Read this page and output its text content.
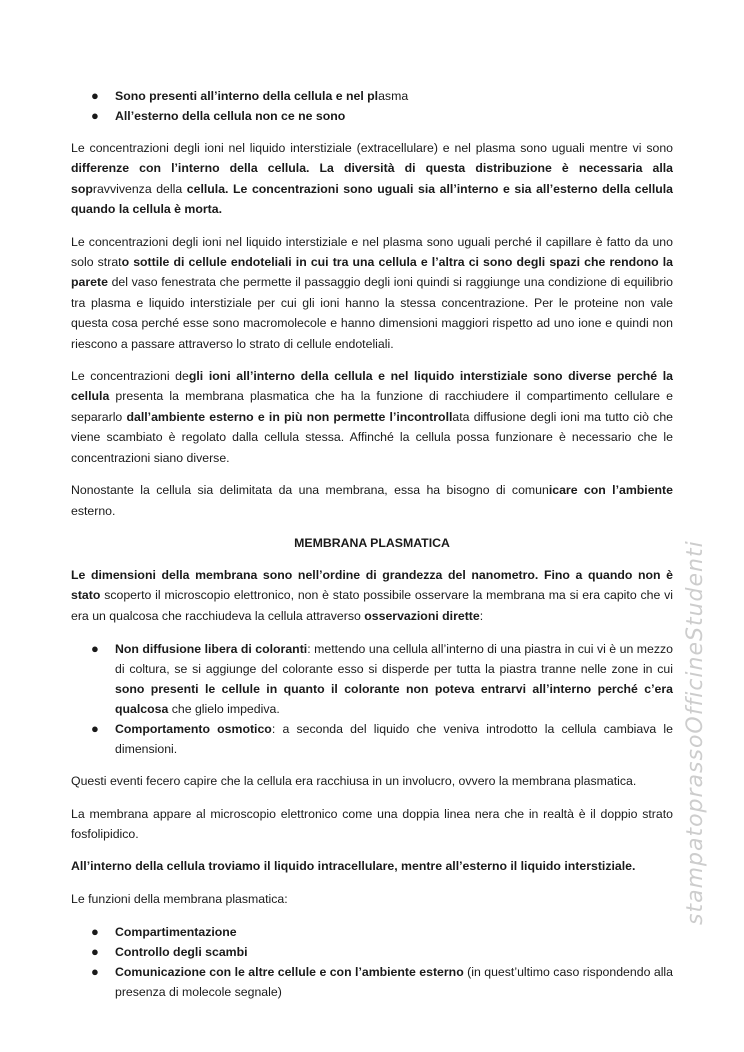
● Sono presenti all’interno della cellula e nel plasma
● All’esterno della cellula non ce ne sono

Le concentrazioni degli ioni nel liquido interstiziale (extracellulare) e nel plasma sono uguali mentre vi sono differenze con l’interno della cellula. La diversità di questa distribuzione è necessaria alla sopravvivenza della cellula. Le concentrazioni sono uguali sia all’interno e sia all’esterno della cellula quando la cellula è morta.

Le concentrazioni degli ioni nel liquido interstiziale e nel plasma sono uguali perché il capillare è fatto da uno solo strato sottile di cellule endoteliali in cui tra una cellula e l’altra ci sono degli spazi che rendono la parete del vaso fenestrata che permette il passaggio degli ioni quindi si raggiunge una condizione di equilibrio tra plasma e liquido interstiziale per cui gli ioni hanno la stessa concentrazione. Per le proteine non vale questa cosa perché esse sono macromolecole e hanno dimensioni maggiori rispetto ad uno ione e quindi non riescono a passare attraverso lo strato di cellule endoteliali.

Le concentrazioni degli ioni all’interno della cellula e nel liquido interstiziale sono diverse perché la cellula presenta la membrana plasmatica che ha la funzione di racchiudere il compartimento cellulare e separarlo dall’ambiente esterno e in più non permette l’incontrollata diffusione degli ioni ma tutto ciò che viene scambiato è regolato dalla cellula stessa. Affinché la cellula possa funzionare è necessario che le concentrazioni siano diverse.

Nonostante la cellula sia delimitata da una membrana, essa ha bisogno di comunicare con l’ambiente esterno.

MEMBRANA PLASMATICA

Le dimensioni della membrana sono nell’ordine di grandezza del nanometro. Fino a quando non è stato scoperto il microscopio elettronico, non è stato possibile osservare la membrana ma si era capito che vi era un qualcosa che racchiudeva la cellula attraverso osservazioni dirette:

● Non diffusione libera di coloranti: mettendo una cellula all’interno di una piastra in cui vi è un mezzo di coltura, se si aggiunge del colorante esso si disperde per tutta la piastra tranne nelle zone in cui sono presenti le cellule in quanto il colorante non poteva entrarvi all’interno perché c’era qualcosa che glielo impediva.
● Comportamento osmotico: a seconda del liquido che veniva introdotto la cellula cambiava le dimensioni.

Questi eventi fecero capire che la cellula era racchiusa in un involucro, ovvero la membrana plasmatica.

La membrana appare al microscopio elettronico come una doppia linea nera che in realtà è il doppio strato fosfolipidico.

All’interno della cellula troviamo il liquido intracellulare, mentre all’esterno il liquido interstiziale.

Le funzioni della membrana plasmatica:

● Compartimentazione
● Controllo degli scambi
● Comunicazione con le altre cellule e con l’ambiente esterno (in quest’ultimo caso rispondendo alla presenza di molecole segnale)
stampatoprassoOfficineStudenti
